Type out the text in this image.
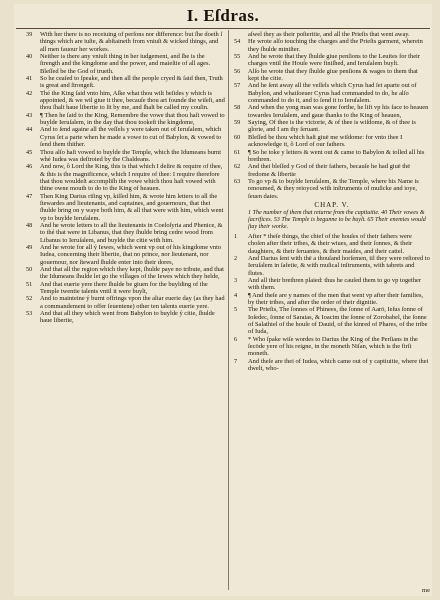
I. Eſdras.
39 With her there is no receiuing of perſons nor difference: but ſhe doeth ſ things which are iuſte, & abſtaineth from vniuſt & wicked things, and all men fauour her workes.
40 Neither is there any vniuſt thing in her iudgement, and ſhe is the ſtrength and the kingdome and the power, and maieſtie of all ages. Bleſſed be the God of trueth.
41 So he ceaſed to ſpeake, and then all the people cryed & ſaid then, Truth is great and ſtrongeſt.
42 Thé the King ſaid vnto him, Aſke what thou wilt beſides y which is appointed, & we wil giue it thee, becauſe thou art founde the wiſeſt, and thou ſhalt haue libertie to ſit by me, and ſhalt be called my couſin.
43 ¶ Then he ſaid to the King, Remembre the vowe that thou haſt vowed to buylde Ieruſalem, in the day that thou tookeſt the kingdome,
44 And to ſend againe all the veſſels y were taken out of Ieruſalem, which Cyrus ſet a parte when he made a vowe to cut of Babylon, & vowed to ſend them thither.
45 Thou alſo haſt vowed to buylde the Temple, which the Idumeans burnt whé Iudea was deſtroied by the Chaldeans.
46 And now, ô Lord the King, this is that which I deſire & require of thee, & this is the magnificence, which I require of thee: I require therefore that thou wouldeſt accompliſh the vowe which thou haſt vowed with thine owne mouth to do to the King of heauen.
47 Then King Darius riſing vp, kiſſed him, & wrote him letters to all the ſtewardes and lieutenants, and captaines, and gouernours, that thei ſhulde bring on y waye both him, & all that were with him, which went vp to buylde Ieruſalem.
48 And he wrote letters to all the lieutenants in Coeloſyria and Phenice, & to thé that were in Libanus, that they ſhulde bring cedre wood from Libanus to Ieruſalem, and buylde the citie with him.
49 And he wrote for all ý Iewes, which went vp out of his kingdome vnto Iudea, concerning their libertie, that no prince, nor lieutenant, nor gouernour, nor ſteward ſhulde enter into their dores,
50 And that all the region which they kept, ſhulde paye no tribute, and that the Idumeans ſhulde let go the villages of the Iewes which they helde,
51 And that euerie yere there ſhulde be giuen for the buylding of the Temple twentie talents vntil it were buylt,
52 And to mainteine ý burnt offrings vpon the altar euerie day (as they had a commandement to offer ſeuentene) other ten talents euerie yere.
53 And that all they which went from Babylon to buylde ý citie, ſhulde haue libertie,
aſwel they as their poſteritie, and all the Prieſts that went away.
54 He wrote alſo touching the charges and the Prieſts garment, wherein they ſhulde miniſter.
55 And he wrote that they ſhulde giue penſions to the Leuites for their charges vntil the Houſe were finiſhed, and Ieruſalem buylt.
56 Alſo he wrote that they ſhulde giue penſions & wages to them that kept the citie.
57 And he ſent away all the veſſels which Cyrus had ſet aparte out of Babylon, and whatſoeuer Cyrus had commanded to do, he alſo commanded to do it, and to ſend it to Ieruſalem.
58 And when the yong man was gone forthe, he lift vp his face to heauen towardes Ieruſalem, and gaue thanks to the King of heauen,
59 Saying, Of thee is the victorie, & of thee is wiſdome, & of thee is glorie, and I am thy ſeruant.
60 Bleſſed be thou which haſt giuē me wiſdome: for vnto thee I acknowledge it, ô Lord of our fathers.
61 ¶ So he toke y letters & went out & came to Babylon & tolled all his brethren.
62 And thei bleſſed y God of their fathers, becauſe he had giuē thē fredome & libertie
63 To go vp & to buylde Ieruſalem, & the Temple, where his Name is renoumed, & they reioyced with inſtruments of muſicke and ioye, ſeuen daies.
CHAP. V.
1 The number of them that returne from the captiuitie. 40 Their vowes & ſacrifices. 53 The Temple is begunne to be buylt. 65 Their enemies would ſtay their worke.
1 After * theſe things, the chief of the houſes of their fathers were choſen after their tribes, & their wiues, and their ſonnes, & their daughters, & their ſeruantes, & their maides, and their cattel.
2 And Darius ſent with thē a thouſand horſemen, til they were reſtored to Ieruſalem in ſafetie, & with muſical inſtruments, with tabrets and flutes.
3 And all their brethren plaied: thus he cauſed them to go vp together with them.
4 ¶ And theſe are y names of the men that went vp after their families, by their tribes, and after the order of their dignitie.
5 The Prieſts, The ſonnes of Phinees, the ſonne of Aarō, Ieſus ſonne of Ioſedec, ſonne of Saraias, & Ioacim the ſonne of Zorobabel, the ſonne of Salathiel of the houſe of Dauid, of the kinred of Phares, of the tribe of Iuda,
6 * Who ſpake wiſe wordes to Darius the King of the Perſians in the ſecōde yere of his reigne, in the moneth Niſan, which is the firſt moneth.
7 And theſe are thei of Iudea, which came out of y captiuitie, where thei dwelt, who-
me
